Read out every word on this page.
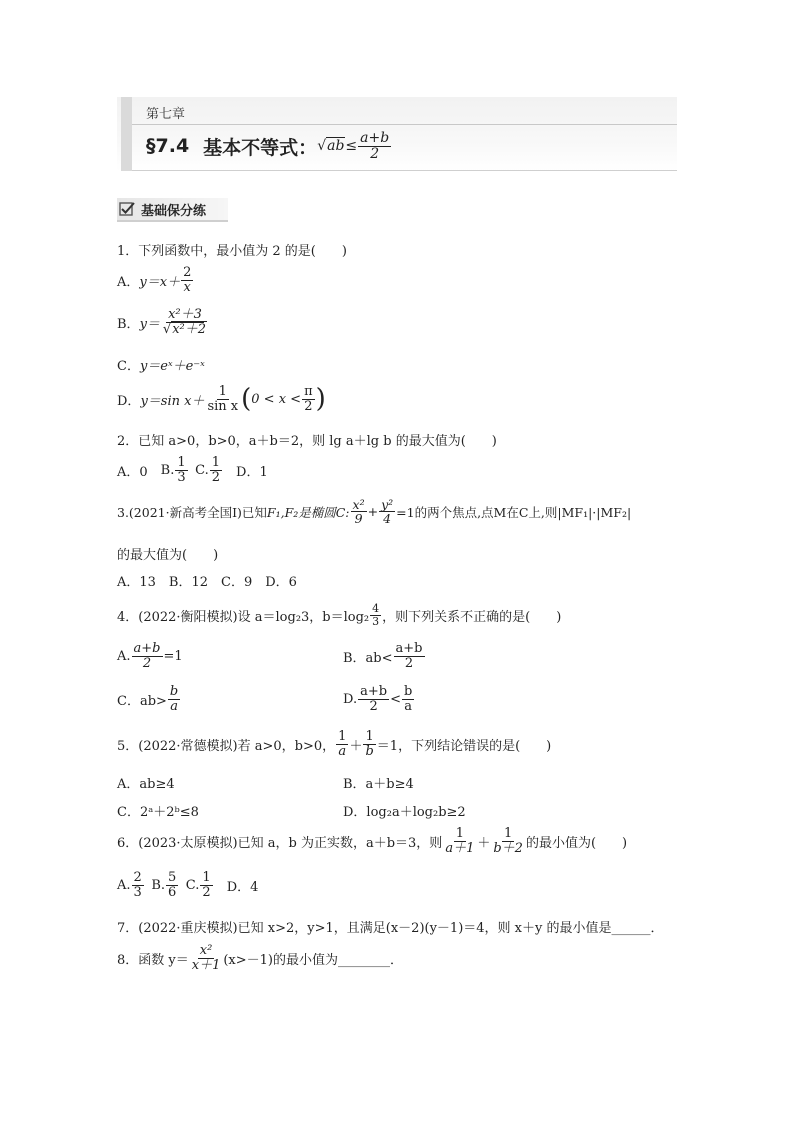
第七章
§7.4 基本不等式： $√ab\le \frac{a+b}{2}$
基础保分练
1．下列函数中，最小值为 2 的是(　　)
A． $y=x+ \frac{2}{x}$
B． $y= \frac{\text{x²＋3}}{\text{√x²＋2}}$
C． y＝eˣ＋e⁻ˣ
D． y＝sin $x+ \frac{1}{\text{sin x}}$ ( $0 < x < \frac{\pi}{2}$ )
2．已知 a>0，b>0，a＋b＝2，则 lg a＋lg b 的最大值为(　　)
A．0
  B. $\frac{1}{3}$
  C. $\frac{1}{2}$
  D．1
3.(2021·新高考全国Ⅰ)已知 F₁,F₂是椭圆C: $\frac{\text{x²}}{9} + \frac{\text{y²}}{4} =1$的两个焦点,点M在C上,则|MF₁|·|MF₂|
的最大值为(　　)
A．13　B．12　C．9　D．6
4．(2022·衡阳模拟)设 a＝log₂3，$b=\log_2 \frac{4}{3}$ ，则下列关系不正确的是(　　)
A. $\frac{a+b}{2} =1$	B．$ab< \frac{a+b}{2}$
C．$ab> \frac{b}{a}$	D. $\frac{a+b}{2} < \frac{b}{a}$
5．(2022·常德模拟)若 a>0，b>0， $\frac{1}{a} + \frac{1}{b} =1$，下列结论错误的是(　　)
A．ab≥4	B．a＋b≥4
C．2ᵃ＋2ᵇ≤8	D．log₂a＋log₂b≥2
6．(2023·太原模拟)已知 a，b 为正实数，a＋b＝3，则 $\frac{1}{a+1} + \frac{1}{b+2}$ 的最小值为(　　)
A. $\frac{2}{3}$
  B. $\frac{5}{6}$
  C. $\frac{1}{2}$
  D．4
7．(2022·重庆模拟)已知 x>2，y>1，且满足(x－2)(y－1)＝4，则 x＋y 的最小值是______．
8．函数 $y= \frac{\text{x²}}{x+1} (x>-1)$的最小值为________．
